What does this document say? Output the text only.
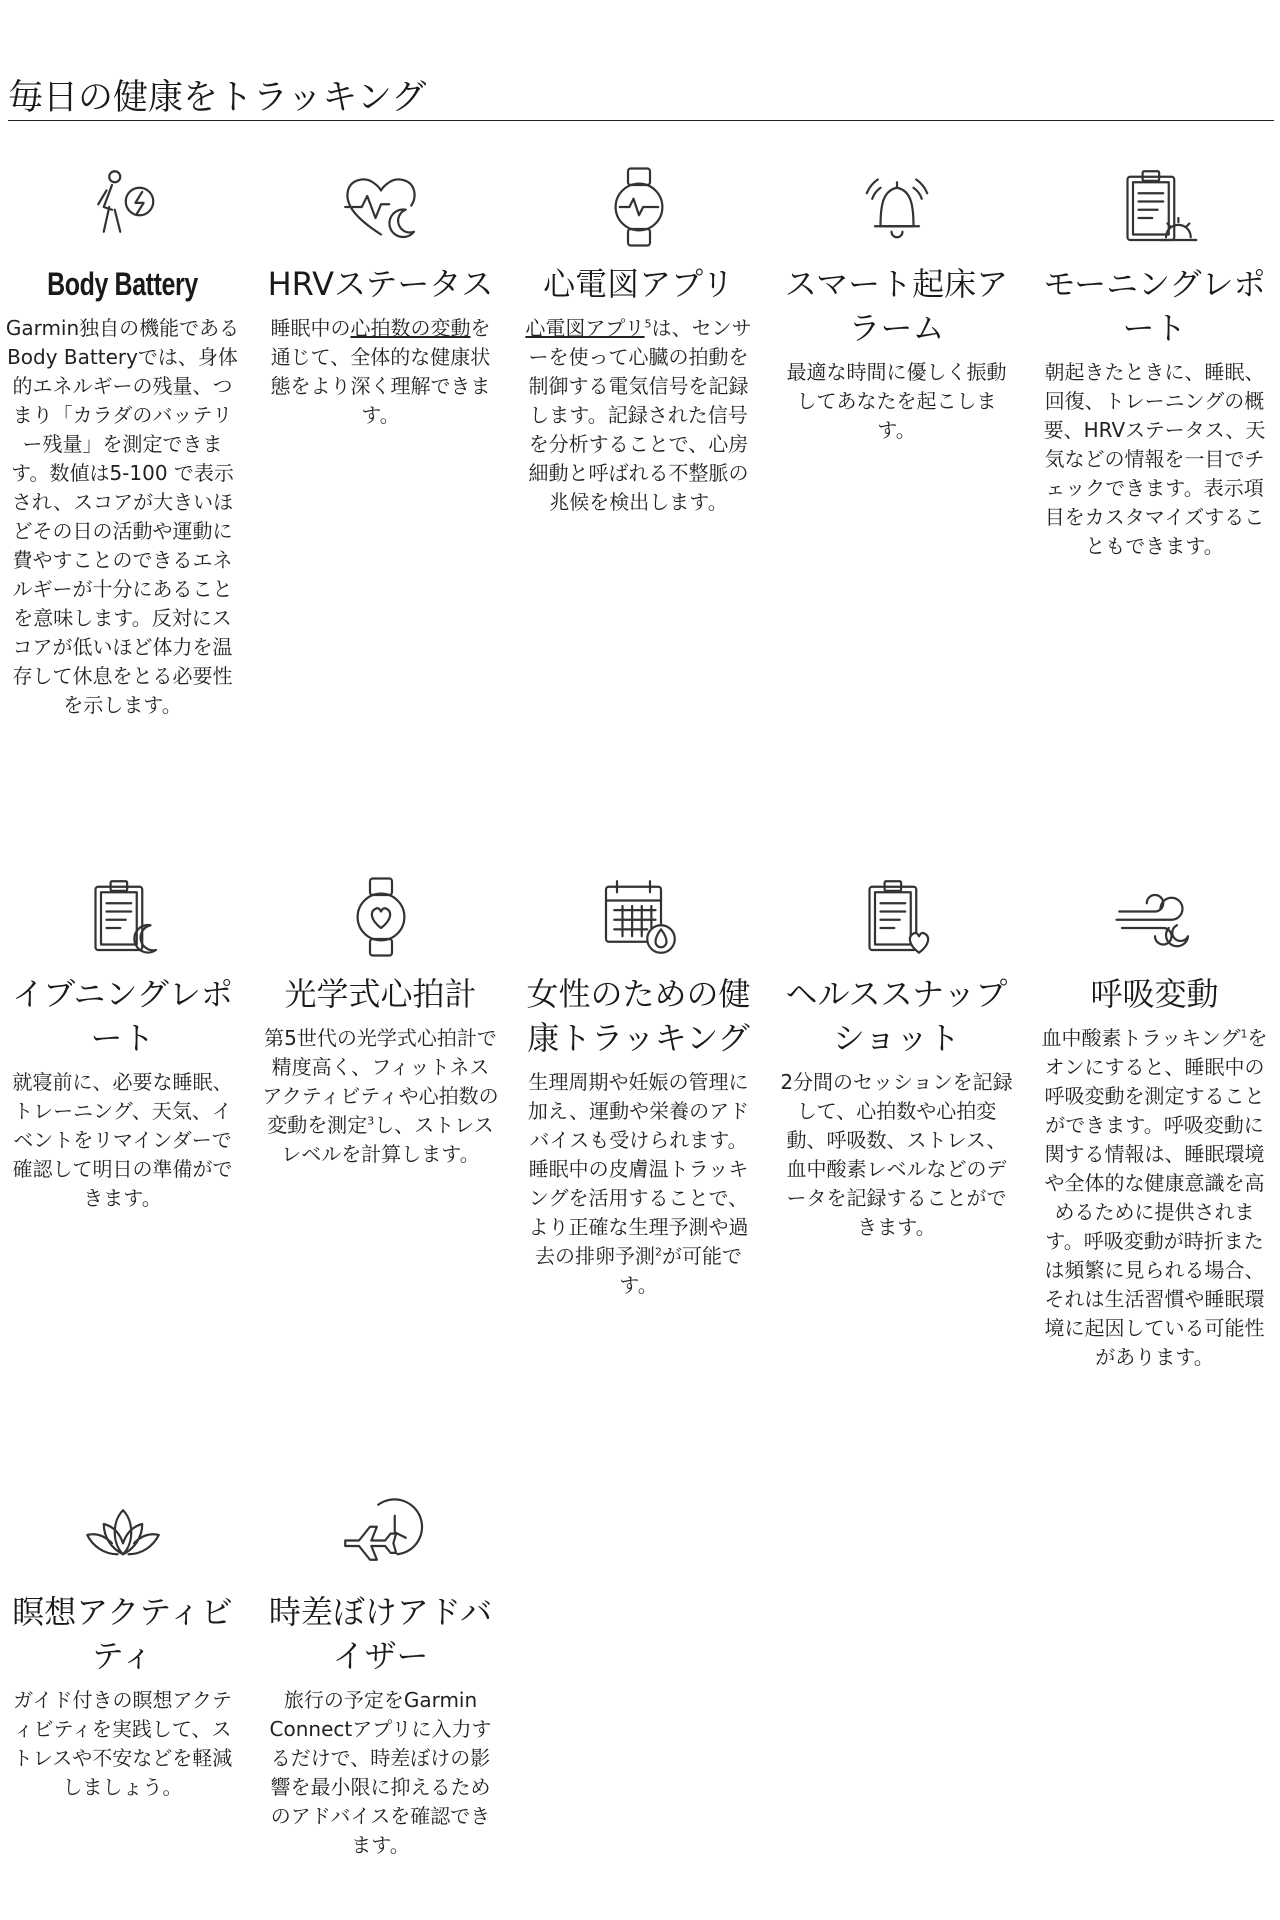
毎日の健康をトラッキング
Body Battery

Garmin独自の機能であるBody Batteryでは、身体的エネルギーの残量、つまり「カラダのバッテリー残量」を測定できます。数値は5-100 で表示され、スコアが大きいほどその日の活動や運動に費やすことのできるエネルギーが十分にあることを意味します。反対にスコアが低いほど体力を温存して休息をとる必要性を示します。

HRVステータス

睡眠中の心拍数の変動を通じて、全体的な健康状態をより深く理解できます。

心電図アプリ

心電図アプリ$^5$は、センサーを使って心臓の拍動を制御する電気信号を記録します。記録された信号を分析することで、心房細動と呼ばれる不整脈の兆候を検出します。

スマート起床アラーム

最適な時間に優しく振動してあなたを起こします。

モーニングレポート

朝起きたときに、睡眠、回復、トレーニングの概要、HRVステータス、天気などの情報を一目でチェックできます。表示項目をカスタマイズすることもできます。

イブニングレポート

就寝前に、必要な睡眠、トレーニング、天気、イベントをリマインダーで確認して明日の準備ができます。

光学式心拍計

第5世代の光学式心拍計で精度高く、フィットネスアクティビティや心拍数の変動を測定$^3$し、ストレスレベルを計算します。

女性のための健康トラッキング

生理周期や妊娠の管理に加え、運動や栄養のアドバイスも受けられます。睡眠中の皮膚温トラッキングを活用することで、より正確な生理予測や過去の排卵予測$^2$が可能です。

ヘルススナップショット

2分間のセッションを記録して、心拍数や心拍変動、呼吸数、ストレス、血中酸素レベルなどのデータを記録することができます。

呼吸変動

血中酸素トラッキング$^1$をオンにすると、睡眠中の呼吸変動を測定することができます。呼吸変動に関する情報は、睡眠環境や全体的な健康意識を高めるために提供されます。呼吸変動が時折または頻繁に見られる場合、それは生活習慣や睡眠環境に起因している可能性があります。

瞑想アクティビティ

ガイド付きの瞑想アクティビティを実践して、ストレスや不安などを軽減しましょう。

時差ぼけアドバイザー

旅行の予定をGarmin Connectアプリに入力するだけで、時差ぼけの影響を最小限に抑えるためのアドバイスを確認できます。
